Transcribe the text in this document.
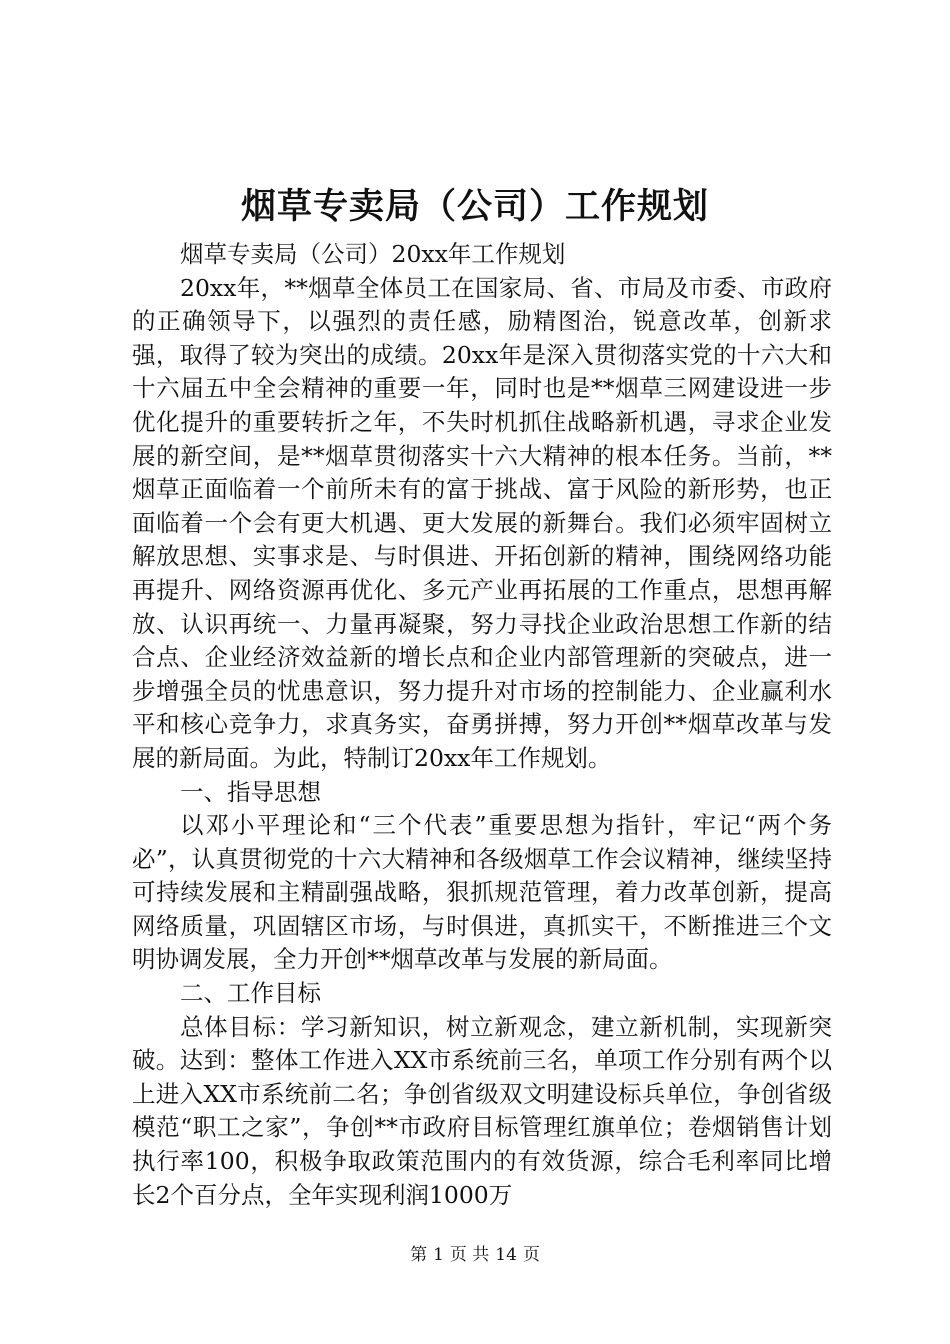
烟草专卖局（公司）工作规划

烟草专卖局（公司）20xx年工作规划

20xx年，**烟草全体员工在国家局、省、市局及市委、市政府的正确领导下，以强烈的责任感，励精图治，锐意改革，创新求强，取得了较为突出的成绩。20xx年是深入贯彻落实党的十六大和十六届五中全会精神的重要一年，同时也是**烟草三网建设进一步优化提升的重要转折之年，不失时机抓住战略新机遇，寻求企业发展的新空间，是**烟草贯彻落实十六大精神的根本任务。当前，**烟草正面临着一个前所未有的富于挑战、富于风险的新形势，也正面临着一个会有更大机遇、更大发展的新舞台。我们必须牢固树立解放思想、实事求是、与时俱进、开拓创新的精神，围绕网络功能再提升、网络资源再优化、多元产业再拓展的工作重点，思想再解放、认识再统一、力量再凝聚，努力寻找企业政治思想工作新的结合点、企业经济效益新的增长点和企业内部管理新的突破点，进一步增强全员的忧患意识，努力提升对市场的控制能力、企业赢利水平和核心竞争力，求真务实，奋勇拼搏，努力开创**烟草改革与发展的新局面。为此，特制订20xx年工作规划。

一、指导思想

以邓小平理论和“三个代表”重要思想为指针，牢记“两个务必”，认真贯彻党的十六大精神和各级烟草工作会议精神，继续坚持可持续发展和主精副强战略，狠抓规范管理，着力改革创新，提高网络质量，巩固辖区市场，与时俱进，真抓实干，不断推进三个文明协调发展，全力开创**烟草改革与发展的新局面。

二、工作目标

总体目标：学习新知识，树立新观念，建立新机制，实现新突破。达到：整体工作进入XX市系统前三名，单项工作分别有两个以上进入XX市系统前二名；争创省级双文明建设标兵单位，争创省级模范“职工之家”，争创**市政府目标管理红旗单位；卷烟销售计划执行率100，积极争取政策范围内的有效货源，综合毛利率同比增长2个百分点，全年实现利润1000万

第 1 页 共 14 页
